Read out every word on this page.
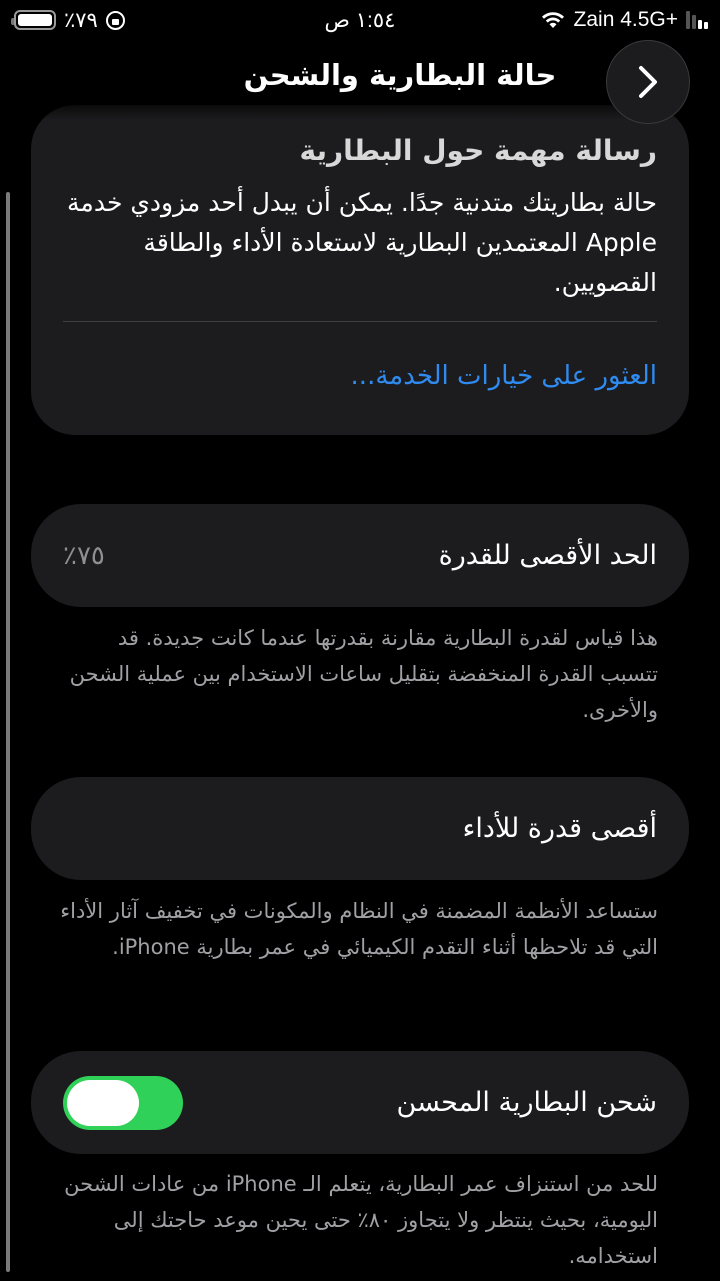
٪٧٩	١:٥٤ ص	Zain 4.5G+
رسالة مهمة حول البطارية
حالة بطاريتك متدنية جدًا. يمكن أن يبدل أحد مزودي خدمة Apple المعتمدين البطارية لاستعادة الأداء والطاقة القصويين.
العثور على خيارات الخدمة...
الحد الأقصى للقدرة
٪٧٥
هذا قياس لقدرة البطارية مقارنة بقدرتها عندما كانت جديدة. قد تتسبب القدرة المنخفضة بتقليل ساعات الاستخدام بين عملية الشحن والأخرى.
أقصى قدرة للأداء
ستساعد الأنظمة المضمنة في النظام والمكونات في تخفيف آثار الأداء التي قد تلاحظها أثناء التقدم الكيميائي في عمر بطارية iPhone.
شحن البطارية المحسن
للحد من استنزاف عمر البطارية، يتعلم الـ iPhone من عادات الشحن اليومية، بحيث ينتظر ولا يتجاوز ٨٠٪ حتى يحين موعد حاجتك إلى استخدامه.
حالة البطارية والشحن
